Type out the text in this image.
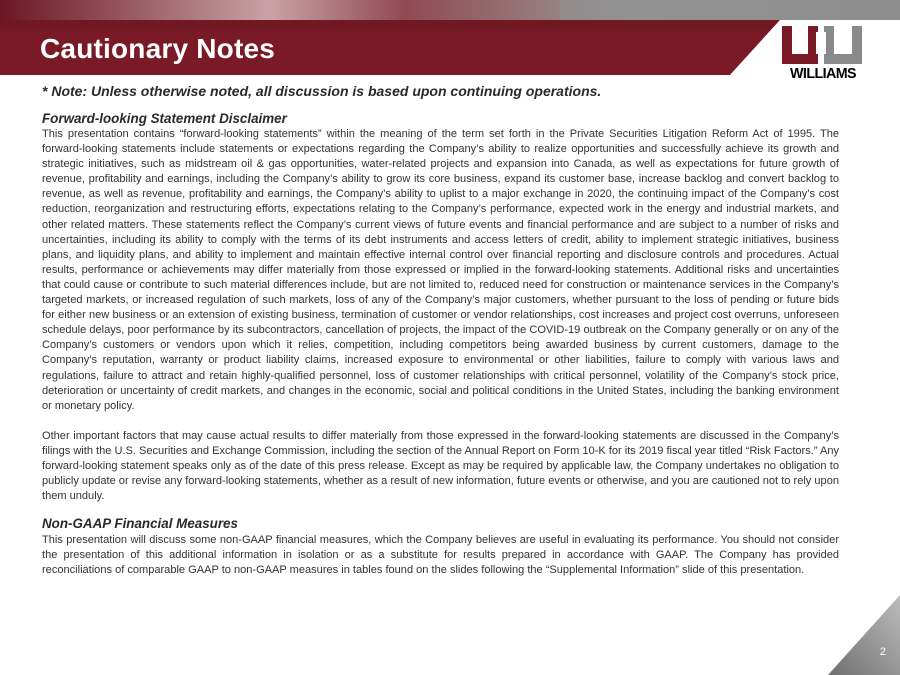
Cautionary Notes
WILLIAMS
* Note: Unless otherwise noted, all discussion is based upon continuing operations.
Forward-looking Statement Disclaimer

This presentation contains “forward-looking statements” within the meaning of the term set forth in the Private Securities Litigation Reform Act of 1995. The forward-looking statements include statements or expectations regarding the Company’s ability to realize opportunities and successfully achieve its growth and strategic initiatives, such as midstream oil & gas opportunities, water-related projects and expansion into Canada, as well as expectations for future growth of revenue, profitability and earnings, including the Company’s ability to grow its core business, expand its customer base, increase backlog and convert backlog to revenue, as well as revenue, profitability and earnings, the Company’s ability to uplist to a major exchange in 2020, the continuing impact of the Company’s cost reduction, reorganization and restructuring efforts, expectations relating to the Company’s performance, expected work in the energy and industrial markets, and other related matters. These statements reflect the Company’s current views of future events and financial performance and are subject to a number of risks and uncertainties, including its ability to comply with the terms of its debt instruments and access letters of credit, ability to implement strategic initiatives, business plans, and liquidity plans, and ability to implement and maintain effective internal control over financial reporting and disclosure controls and procedures. Actual results, performance or achievements may differ materially from those expressed or implied in the forward-looking statements. Additional risks and uncertainties that could cause or contribute to such material differences include, but are not limited to, reduced need for construction or maintenance services in the Company’s targeted markets, or increased regulation of such markets, loss of any of the Company’s major customers, whether pursuant to the loss of pending or future bids for either new business or an extension of existing business, termination of customer or vendor relationships, cost increases and project cost overruns, unforeseen schedule delays, poor performance by its subcontractors, cancellation of projects, the impact of the COVID-19 outbreak on the Company generally or on any of the Company’s customers or vendors upon which it relies, competition, including competitors being awarded business by current customers, damage to the Company’s reputation, warranty or product liability claims, increased exposure to environmental or other liabilities, failure to comply with various laws and regulations, failure to attract and retain highly-qualified personnel, loss of customer relationships with critical personnel, volatility of the Company’s stock price, deterioration or uncertainty of credit markets, and changes in the economic, social and political conditions in the United States, including the banking environment or monetary policy.

Other important factors that may cause actual results to differ materially from those expressed in the forward-looking statements are discussed in the Company’s filings with the U.S. Securities and Exchange Commission, including the section of the Annual Report on Form 10-K for its 2019 fiscal year titled “Risk Factors.” Any forward-looking statement speaks only as of the date of this press release. Except as may be required by applicable law, the Company undertakes no obligation to publicly update or revise any forward-looking statements, whether as a result of new information, future events or otherwise, and you are cautioned not to rely upon them unduly.

Non-GAAP Financial Measures

This presentation will discuss some non-GAAP financial measures, which the Company believes are useful in evaluating its performance. You should not consider the presentation of this additional information in isolation or as a substitute for results prepared in accordance with GAAP. The Company has provided reconciliations of comparable GAAP to non-GAAP measures in tables found on the slides following the “Supplemental Information” slide of this presentation.

2
